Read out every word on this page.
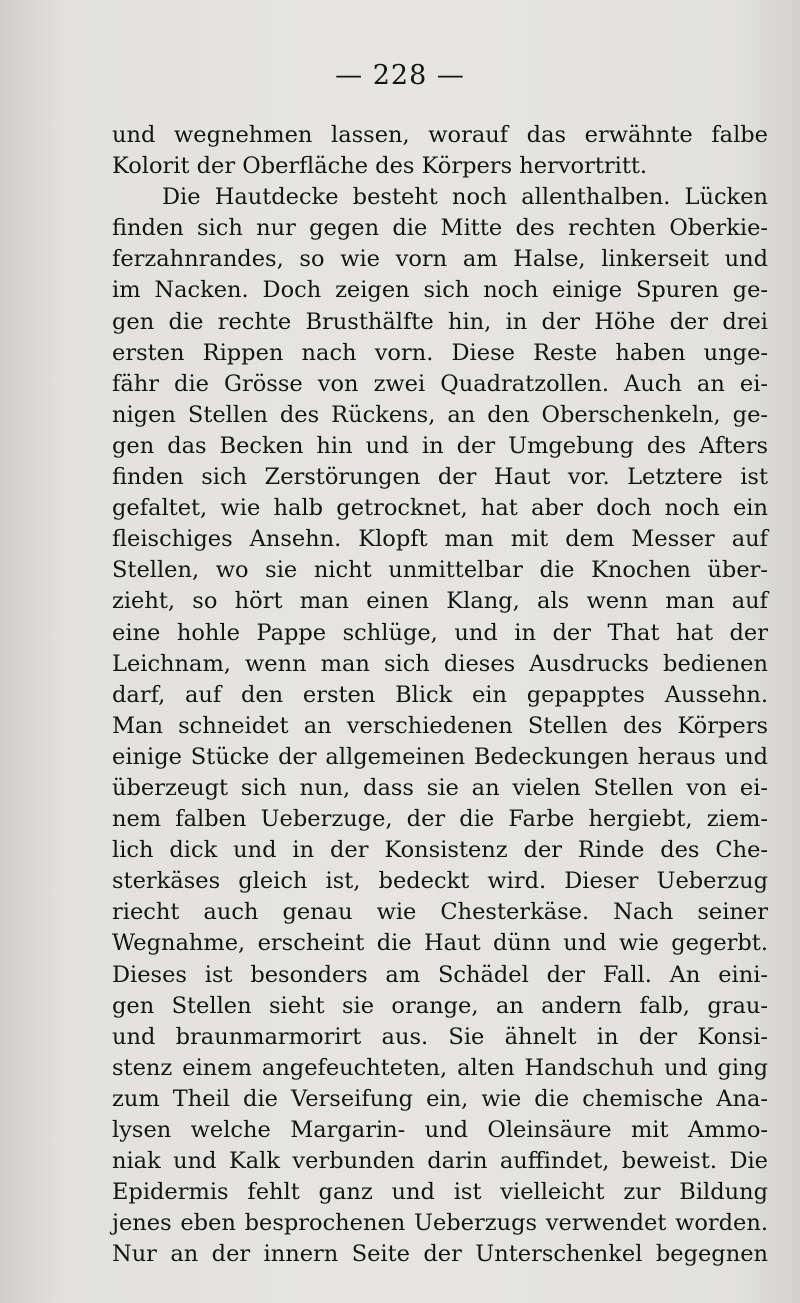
— 228 —
und wegnehmen lassen, worauf das erwähnte falbe
Kolorit der Oberfläche des Körpers hervortritt.
Die Hautdecke besteht noch allenthalben. Lücken
finden sich nur gegen die Mitte des rechten Oberkie-
ferzahnrandes, so wie vorn am Halse, linkerseit und
im Nacken. Doch zeigen sich noch einige Spuren ge-
gen die rechte Brusthälfte hin, in der Höhe der drei
ersten Rippen nach vorn. Diese Reste haben unge-
fähr die Grösse von zwei Quadratzollen. Auch an ei-
nigen Stellen des Rückens, an den Oberschenkeln, ge-
gen das Becken hin und in der Umgebung des Afters
finden sich Zerstörungen der Haut vor. Letztere ist
gefaltet, wie halb getrocknet, hat aber doch noch ein
fleischiges Ansehn. Klopft man mit dem Messer auf
Stellen, wo sie nicht unmittelbar die Knochen über-
zieht, so hört man einen Klang, als wenn man auf
eine hohle Pappe schlüge, und in der That hat der
Leichnam, wenn man sich dieses Ausdrucks bedienen
darf, auf den ersten Blick ein gepapptes Aussehn.
Man schneidet an verschiedenen Stellen des Körpers
einige Stücke der allgemeinen Bedeckungen heraus und
überzeugt sich nun, dass sie an vielen Stellen von ei-
nem falben Ueberzuge, der die Farbe hergiebt, ziem-
lich dick und in der Konsistenz der Rinde des Che-
sterkäses gleich ist, bedeckt wird. Dieser Ueberzug
riecht auch genau wie Chesterkäse. Nach seiner
Wegnahme, erscheint die Haut dünn und wie gegerbt.
Dieses ist besonders am Schädel der Fall. An eini-
gen Stellen sieht sie orange, an andern falb, grau-
und braunmarmorirt aus. Sie ähnelt in der Konsi-
stenz einem angefeuchteten, alten Handschuh und ging
zum Theil die Verseifung ein, wie die chemische Ana-
lysen welche Margarin- und Oleinsäure mit Ammo-
niak und Kalk verbunden darin auffindet, beweist. Die
Epidermis fehlt ganz und ist vielleicht zur Bildung
jenes eben besprochenen Ueberzugs verwendet worden.
Nur an der innern Seite der Unterschenkel begegnen
